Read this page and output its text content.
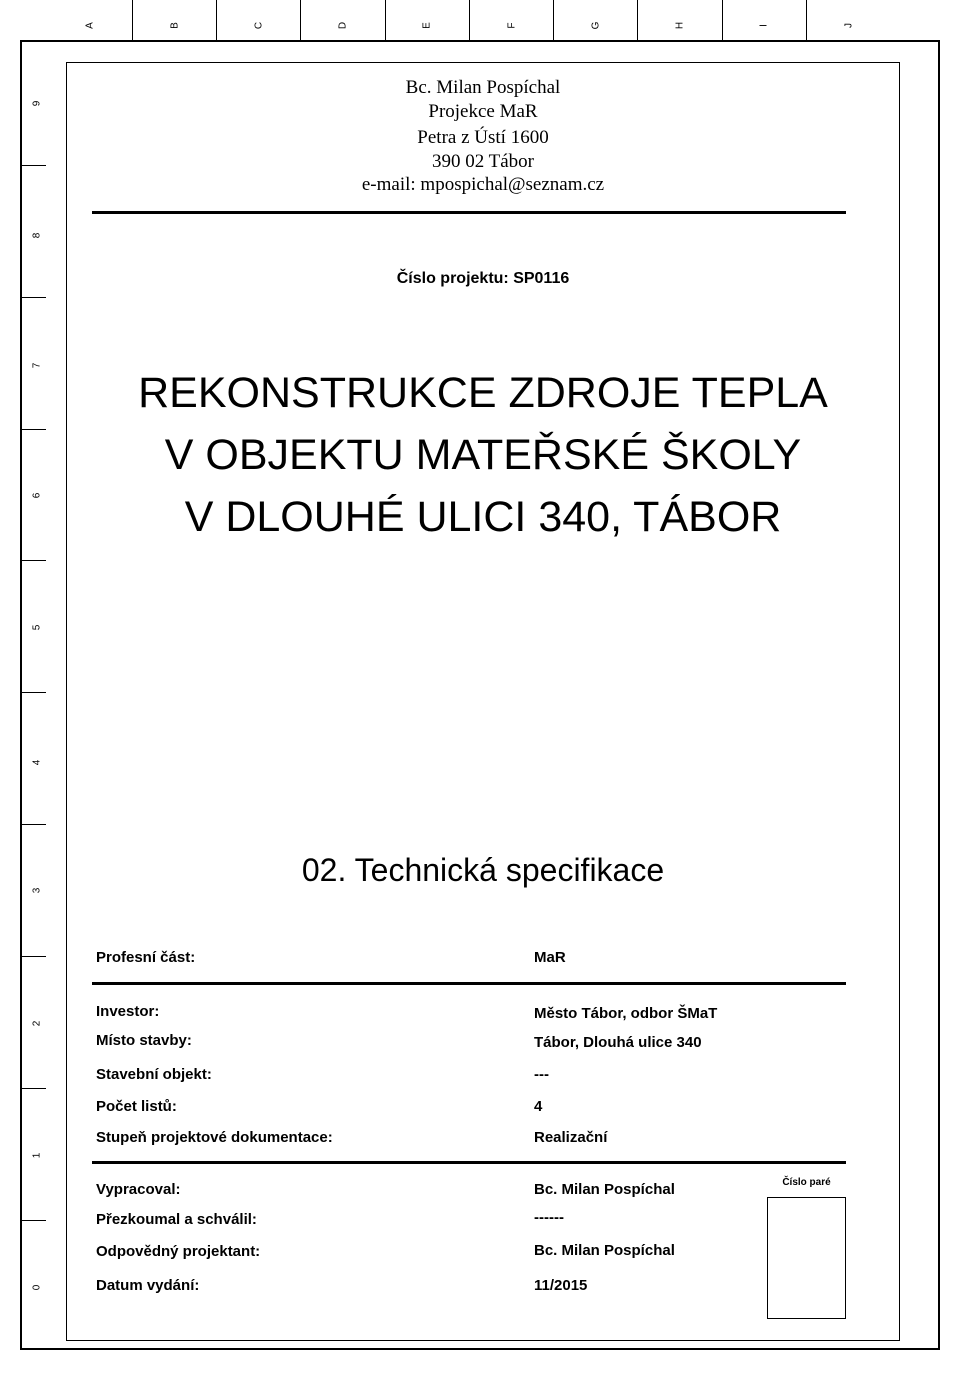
A	B	C	D	E	F	G	H	I	J
9
8
7
6
5
4
3
2
1
0
Bc. Milan Pospíchal
Projekce MaR
Petra z Ústí 1600
390 02 Tábor
e-mail: mpospichal@seznam.cz
Číslo projektu: SP0116
REKONSTRUKCE ZDROJE TEPLA
V OBJEKTU MATEŘSKÉ ŠKOLY
V DLOUHÉ ULICI 340, TÁBOR
02. Technická specifikace
Profesní část:	MaR
Investor:	Město Tábor, odbor ŠMaT
Místo stavby:	Tábor, Dlouhá ulice 340
Stavební objekt:	---
Počet listů:	4
Stupeň projektové dokumentace:	Realizační
Vypracoval:	Bc. Milan Pospíchal
Přezkoumal a schválil:	------
Odpovědný projektant:	Bc. Milan Pospíchal
Datum vydání:	11/2015
Číslo paré
